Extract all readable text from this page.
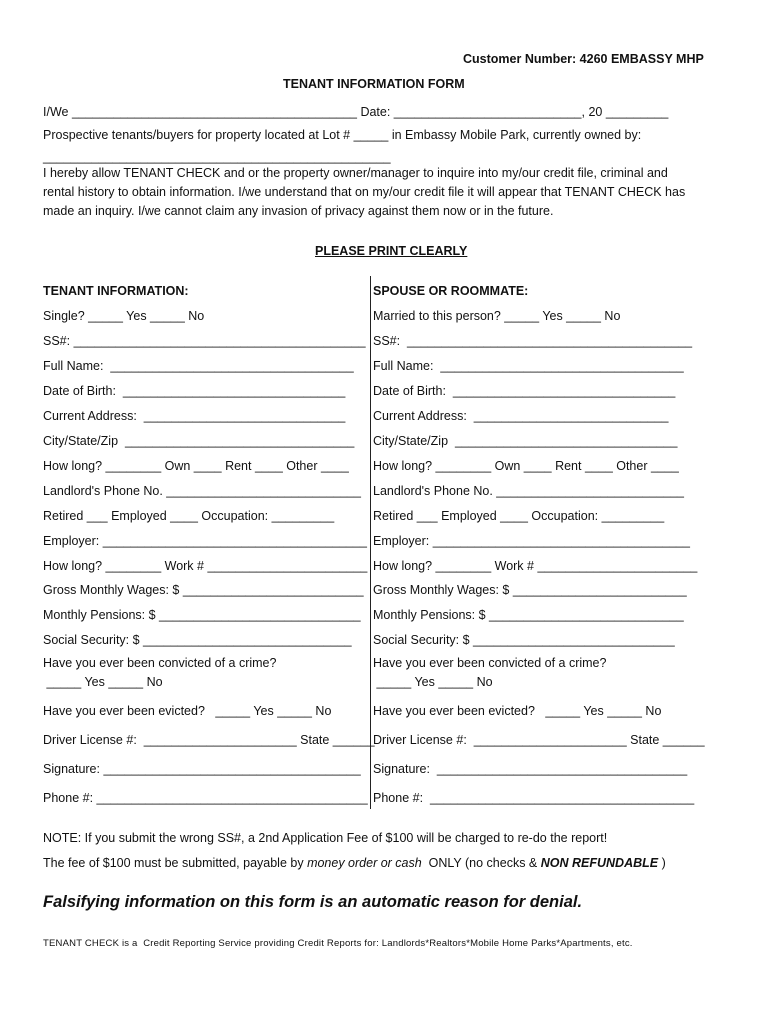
Customer Number: 4260 EMBASSY MHP
TENANT INFORMATION FORM
I/We _________________________________________ Date: ___________________________, 20 _________
Prospective tenants/buyers for property located at Lot # _____ in Embassy Mobile Park, currently owned by:
__________________________________________________
I hereby allow TENANT CHECK and or the property owner/manager to inquire into my/our credit file, criminal and
rental history to obtain information. I/we understand that on my/our credit file it will appear that TENANT CHECK has
made an inquiry. I/we cannot claim any invasion of privacy against them now or in the future.
PLEASE PRINT CLEARLY
TENANT INFORMATION:
Single? _____ Yes _____ No
SS#: __________________________________________
Full Name:  ___________________________________
Date of Birth:  ________________________________
Current Address:  _____________________________
City/State/Zip  _________________________________
How long? ________ Own ____ Rent ____ Other ____
Landlord's Phone No. ____________________________
Retired ___ Employed ____ Occupation: _________
Employer: ______________________________________
How long? ________ Work # _______________________
Gross Monthly Wages: $ __________________________
Monthly Pensions: $ _____________________________
Social Security: $ ______________________________
Have you ever been convicted of a crime?
_____ Yes _____ No
Have you ever been evicted?   _____ Yes _____ No
Driver License #:  ______________________ State ______
Signature: _____________________________________
Phone #: _______________________________________
SPOUSE OR ROOMMATE:
Married to this person? _____ Yes _____ No
SS#:  _________________________________________
Full Name:  ___________________________________
Date of Birth:  ________________________________
Current Address:  ____________________________
City/State/Zip  ________________________________
How long? ________ Own ____ Rent ____ Other ____
Landlord's Phone No. ___________________________
Retired ___ Employed ____ Occupation: _________
Employer: _____________________________________
How long? ________ Work # _______________________
Gross Monthly Wages: $ _________________________
Monthly Pensions: $ ____________________________
Social Security: $ _____________________________
Have you ever been convicted of a crime?
_____ Yes _____ No
Have you ever been evicted?   _____ Yes _____ No
Driver License #:  ______________________ State ______
Signature:  ____________________________________
Phone #:  ______________________________________
NOTE: If you submit the wrong SS#, a 2nd Application Fee of $100 will be charged to re-do the report!
The fee of $100 must be submitted, payable by money order or cash  ONLY (no checks & NON REFUNDABLE )
Falsifying information on this form is an automatic reason for denial.
TENANT CHECK is a  Credit Reporting Service providing Credit Reports for: Landlords*Realtors*Mobile Home Parks*Apartments, etc.
